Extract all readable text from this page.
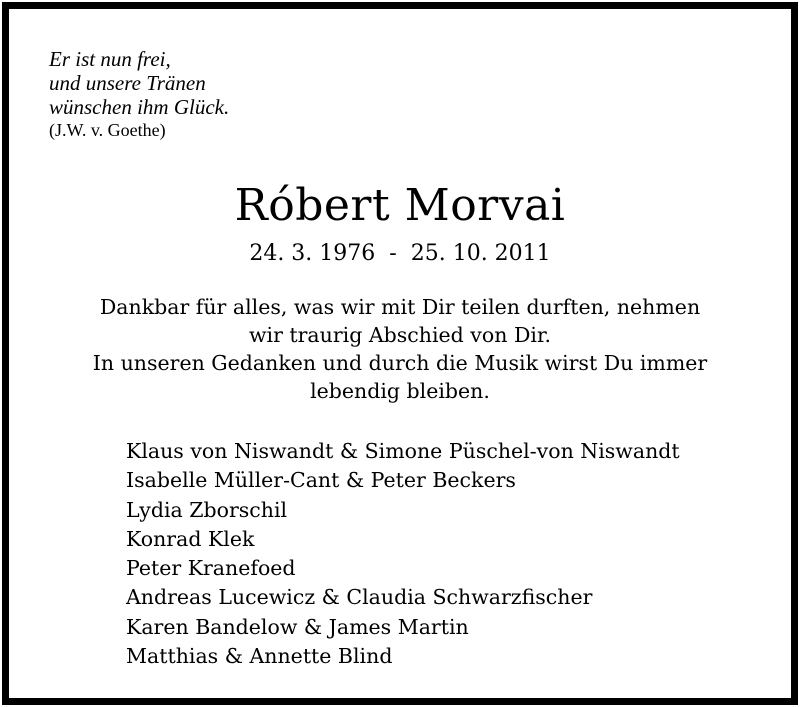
Er ist nun frei,
und unsere Tränen
wünschen ihm Glück.
(J.W. v. Goethe)
Róbert Morvai
24. 3. 1976 - 25. 10. 2011
Dankbar für alles, was wir mit Dir teilen durften, nehmen
wir traurig Abschied von Dir.
In unseren Gedanken und durch die Musik wirst Du immer
lebendig bleiben.
Klaus von Niswandt & Simone Püschel-von Niswandt
Isabelle Müller-Cant & Peter Beckers
Lydia Zborschil
Konrad Klek
Peter Kranefoed
Andreas Lucewicz & Claudia Schwarzfischer
Karen Bandelow & James Martin
Matthias & Annette Blind
